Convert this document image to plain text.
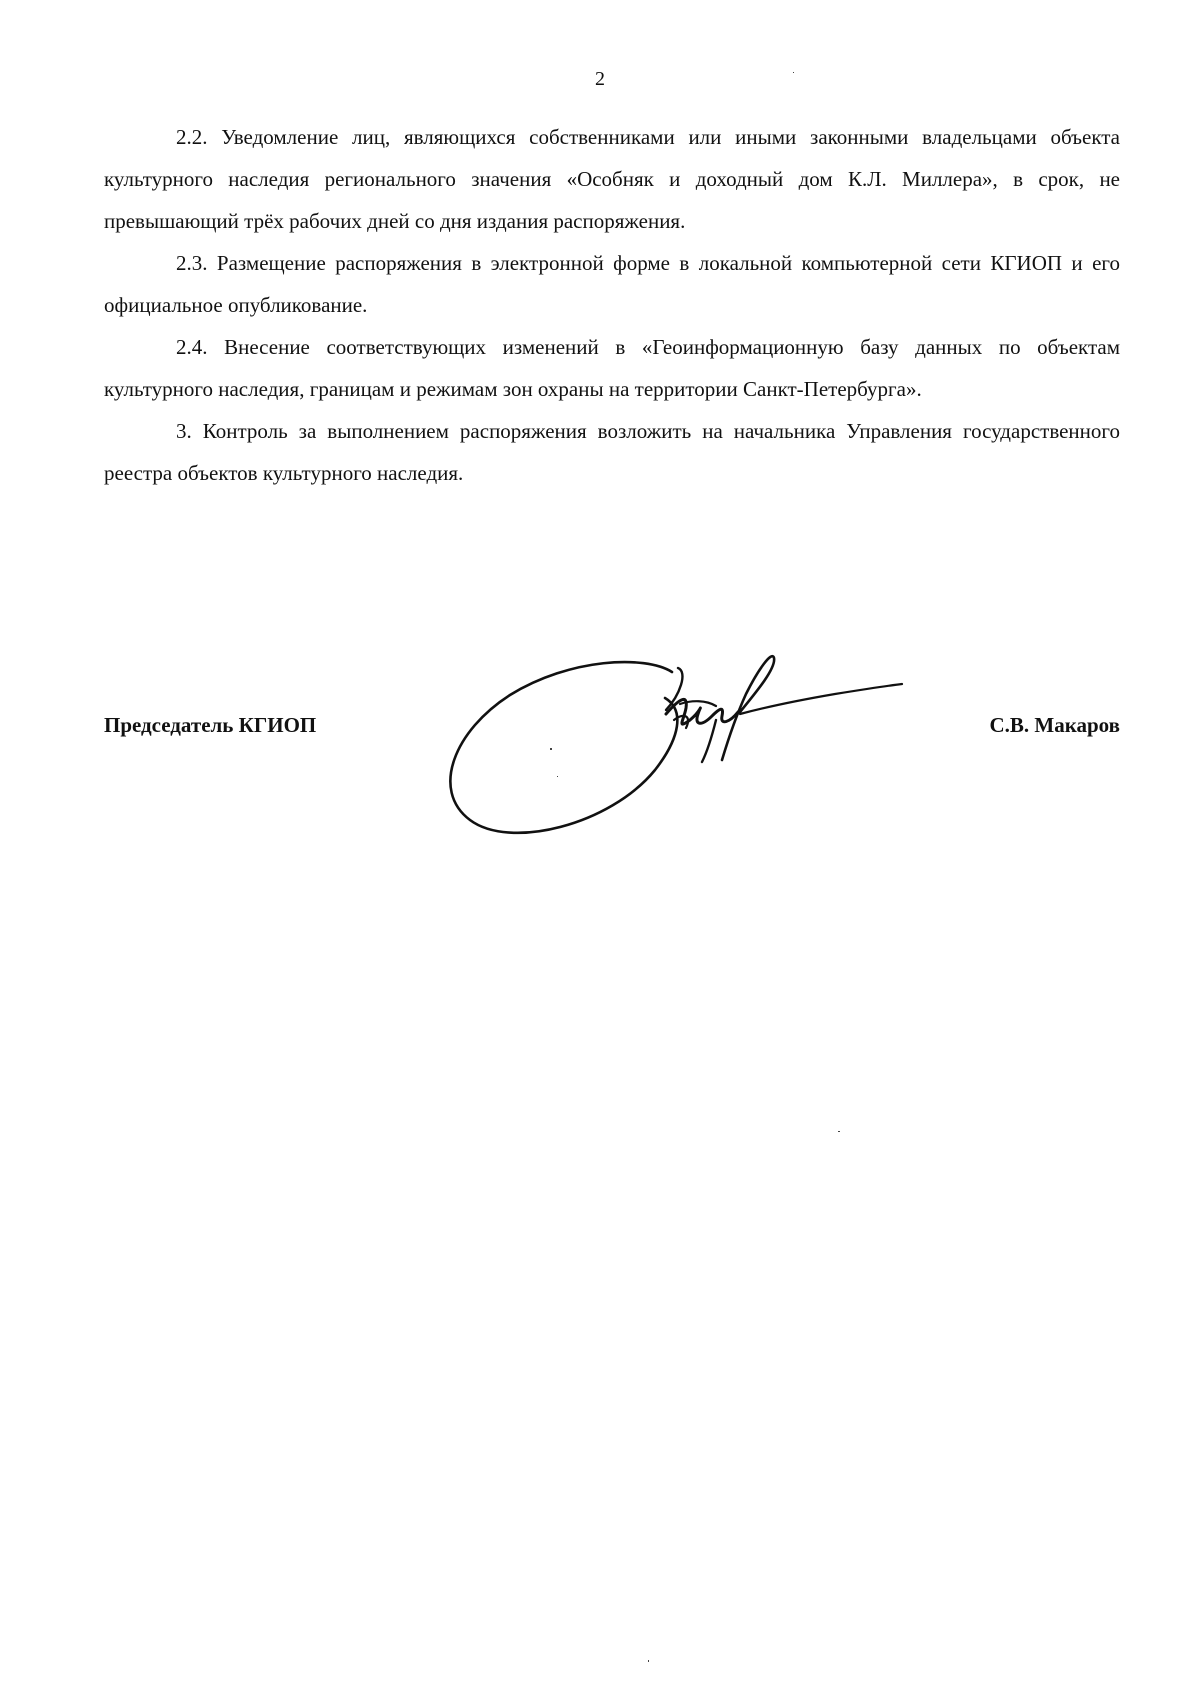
2

2.2. Уведомление лиц, являющихся собственниками или иными законными владельцами объекта культурного наследия регионального значения «Особняк и доходный дом К.Л. Миллера», в срок, не превышающий трёх рабочих дней со дня издания распоряжения.

2.3. Размещение распоряжения в электронной форме в локальной компьютерной сети КГИОП и его официальное опубликование.

2.4. Внесение соответствующих изменений в «Геоинформационную базу данных по объектам культурного наследия, границам и режимам зон охраны на территории Санкт-Петербурга».

3. Контроль за выполнением распоряжения возложить на начальника Управления государственного реестра объектов культурного наследия.

Председатель КГИОП	С.В. Макаров
